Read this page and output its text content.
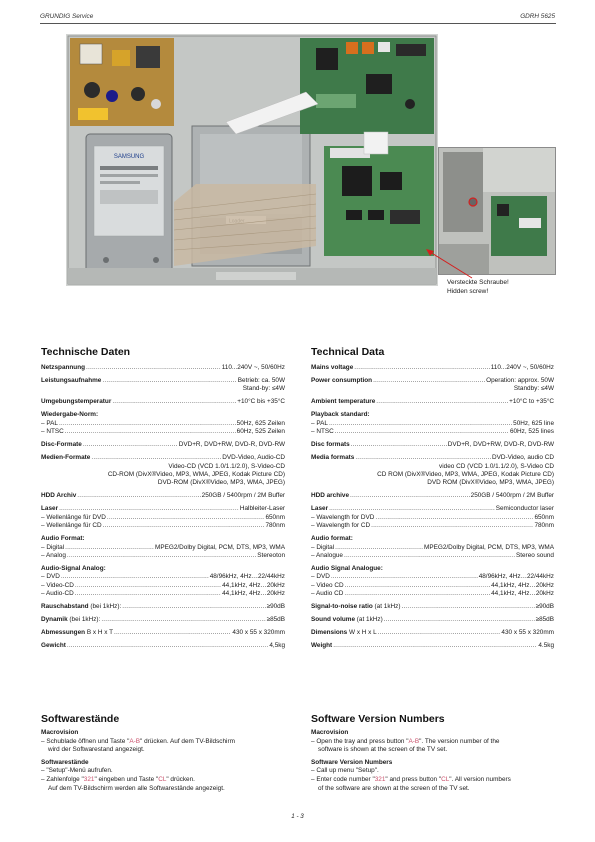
GRUNDIG Service	GDRH 5625
SAMSUNG
Versteckte Schraube!
Hidden screw!
Technische Daten
Netzspannung .....	110...240V ~, 50/60Hz
Leistungsaufnahme .....	Betrieb: ca. 50W
Stand-by: ≤4W
Umgebungstemperatur .....	+10°C bis +35°C
Wiedergabe-Norm:
– PAL .....	50Hz, 625 Zeilen
– NTSC .....	60Hz, 525 Zeilen
Disc-Formate .....	DVD+R, DVD+RW, DVD-R, DVD-RW
Medien-Formate .....	DVD-Video, Audio-CD
Video-CD (VCD 1.0/1.1/2.0), S-Video-CD
CD-ROM (DivX®Video, MP3, WMA, JPEG, Kodak Picture CD)
DVD-ROM (DivX®Video, MP3, WMA, JPEG)
HDD Archiv .....	250GB / 5400rpm / 2M Buffer
Laser .....	Halbleiter-Laser
– Wellenlänge für DVD .....	650nm
– Wellenlänge für CD .....	780nm
Audio Format:
– Digital .....	MPEG2/Dolby Digital, PCM, DTS, MP3, WMA
– Analog .....	Stereoton
Audio-Signal Analog:
– DVD .....	48/96kHz, 4Hz…22/44kHz
– Video-CD .....	44,1kHz, 4Hz…20kHz
– Audio-CD .....	44,1kHz, 4Hz…20kHz
Rauschabstand (bei 1kHz): .....	≥90dB
Dynamik (bei 1kHz): .....	≥85dB
Abmessungen B x H x T .....	430 x 55 x 320mm
Gewicht .....	4,5kg
Technical Data
Mains voltage .....	110...240V ~, 50/60Hz
Power consumption .....	Operation: approx. 50W
Standby: ≤4W
Ambient temperature .....	+10°C to +35°C
Playback standard:
– PAL .....	50Hz, 625 line
– NTSC .....	60Hz, 525 lines
Disc formats .....	DVD+R, DVD+RW, DVD-R, DVD-RW
Media formats .....	DVD-Video, audio CD
video CD (VCD 1.0/1.1/2.0), S-Video CD
CD ROM (DivX®Video, MP3, WMA, JPEG, Kodak Picture CD)
DVD ROM (DivX®Video, MP3, WMA, JPEG)
HDD archive .....	250GB / 5400rpm / 2M Buffer
Laser .....	Semiconductor laser
– Wavelength for DVD .....	650nm
– Wavelength for CD .....	780nm
Audio format:
– Digital .....	MPEG2/Dolby Digital, PCM, DTS, MP3, WMA
– Analogue .....	Stereo sound
Audio Signal Analogue:
– DVD .....	48/96kHz, 4Hz…22/44kHz
– Video CD .....	44,1kHz, 4Hz…20kHz
– Audio CD .....	44,1kHz, 4Hz…20kHz
Signal-to-noise ratio (at 1kHz) .....	≥90dB
Sound volume (at 1kHz) .....	≥85dB
Dimensions W x H x L .....	430 x 55 x 320mm
Weight .....	4.5kg
Softwarestände
Macrovision
– Schublade öffnen und Taste "A-B" drücken. Auf dem TV-Bildschirm
wird der Softwarestand angezeigt.
Softwarestände
– "Setup"-Menü aufrufen.
– Zahlenfolge "321" eingeben und Taste "CL" drücken.
Auf dem TV-Bildschirm werden alle Softwarestände angezeigt.
Software Version Numbers
Macrovision
– Open the tray and press button "A-B". The version number of the
software is shown at the screen of the TV set.
Software Version Numbers
– Call up menu "Setup".
– Enter code number "321" and press button "CL". All version numbers
of the software are shown at the screen of the TV set.
1 - 3
